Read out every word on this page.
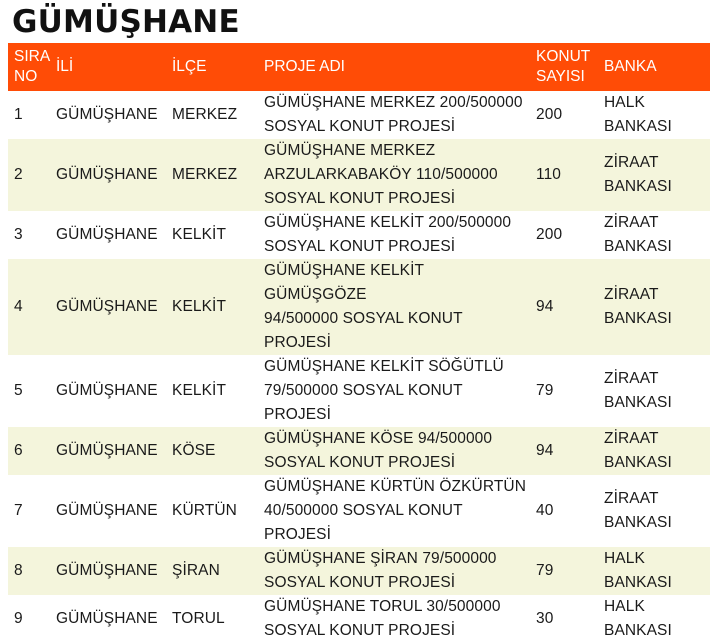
GÜMÜŞHANE
SIRA
NO	İLİ	İLÇE	PROJE ADI	KONUT
SAYISI	BANKA
1	GÜMÜŞHANE	MERKEZ	GÜMÜŞHANE MERKEZ 200/500000
SOSYAL KONUT PROJESİ	200	HALK
BANKASI
2	GÜMÜŞHANE	MERKEZ	GÜMÜŞHANE MERKEZ
ARZULARKABAKÖY 110/500000
SOSYAL KONUT PROJESİ	110	ZİRAAT
BANKASI
3	GÜMÜŞHANE	KELKİT	GÜMÜŞHANE KELKİT 200/500000
SOSYAL KONUT PROJESİ	200	ZİRAAT
BANKASI
4	GÜMÜŞHANE	KELKİT	GÜMÜŞHANE KELKİT GÜMÜŞGÖZE
94/500000 SOSYAL KONUT
PROJESİ	94	ZİRAAT
BANKASI
5	GÜMÜŞHANE	KELKİT	GÜMÜŞHANE KELKİT SÖĞÜTLÜ
79/500000 SOSYAL KONUT PROJESİ	79	ZİRAAT
BANKASI
6	GÜMÜŞHANE	KÖSE	GÜMÜŞHANE KÖSE 94/500000
SOSYAL KONUT PROJESİ	94	ZİRAAT
BANKASI
7	GÜMÜŞHANE	KÜRTÜN	GÜMÜŞHANE KÜRTÜN ÖZKÜRTÜN
40/500000 SOSYAL KONUT
PROJESİ	40	ZİRAAT
BANKASI
8	GÜMÜŞHANE	ŞİRAN	GÜMÜŞHANE ŞİRAN 79/500000
SOSYAL KONUT PROJESİ	79	HALK
BANKASI
9	GÜMÜŞHANE	TORUL	GÜMÜŞHANE TORUL 30/500000
SOSYAL KONUT PROJESİ	30	HALK
BANKASI
